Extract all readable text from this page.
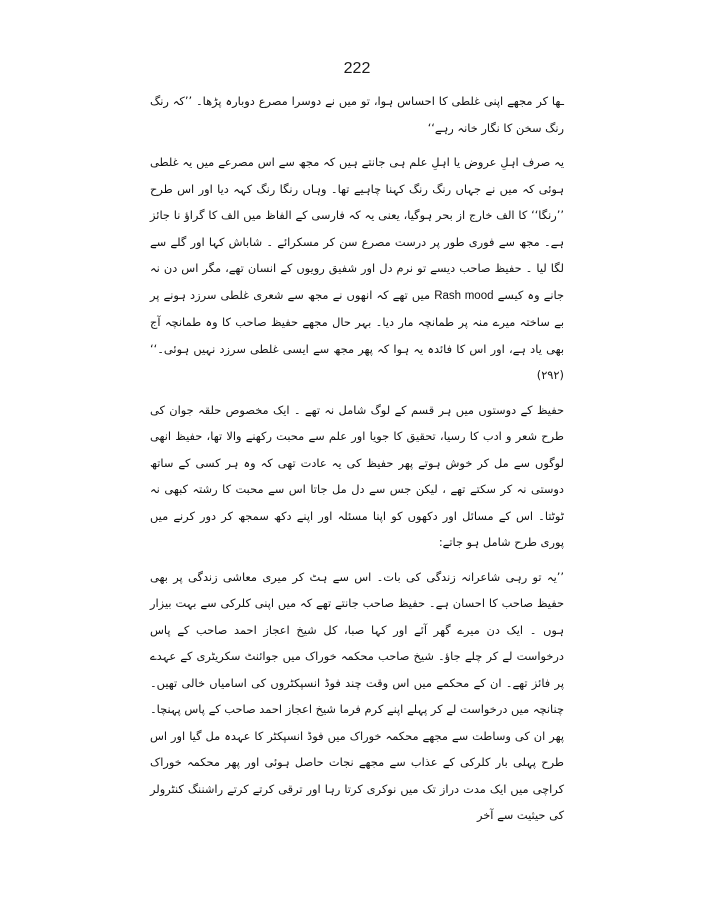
222

ـھا کر مجھے اپنی غلطی کا احساس ہوا، تو میں نے دوسرا مصرع دوبارہ پڑھا۔ ’’کہ رنگ رنگ سخن کا نگار خانہ رہے‘‘

یہ صرف اہلِ عروض یا اہلِ علم ہی جانتے ہیں کہ مجھ سے اس مصرعے میں یہ غلطی ہوئی کہ میں نے جہاں رنگ رنگ کہنا چاہیے تھا۔ وہاں رنگا رنگ کہہ دیا اور اس طرح ’’رنگا‘‘ کا الف خارج از بحر ہوگیا، یعنی یہ کہ فارسی کے الفاظ میں الف کا گراؤ نا جائز ہے۔ مجھ سے فوری طور پر درست مصرع سن کر مسکرائے ۔ شاباش کہا اور گلے سے لگا لیا ۔ حفیظ صاحب دیسے تو نرم دل اور شفیق رویوں کے انسان تھے، مگر اس دن نہ جانے وہ کیسے Rash mood میں تھے کہ انھوں نے مجھ سے شعری غلطی سرزد ہونے پر بے ساختہ میرے منہ پر طمانچہ مار دیا۔ بہر حال مجھے حفیظ صاحب کا وہ طمانچہ آج بھی یاد ہے، اور اس کا فائدہ یہ ہوا کہ پھر مجھ سے ایسی غلطی سرزد نہیں ہوئی۔‘‘ (۲۹۲)

حفیظ کے دوستوں میں ہر قسم کے لوگ شامل نہ تھے ۔ ایک مخصوص حلقہ جوان کی طرح شعر و ادب کا رسیا، تحقیق کا جویا اور علم سے محبت رکھنے والا تھا، حفیظ انھی لوگوں سے مل کر خوش ہوتے پھر حفیظ کی یہ عادت تھی کہ وہ ہر کسی کے ساتھ دوستی نہ کر سکتے تھے ، لیکن جس سے دل مل جاتا اس سے محبت کا رشتہ کبھی نہ ٹوٹتا۔ اس کے مسائل اور دکھوں کو اپنا مسئلہ اور اپنے دکھ سمجھ کر دور کرنے میں پوری طرح شامل ہو جاتے:

’’یہ تو رہی شاعرانہ زندگی کی بات۔ اس سے ہٹ کر میری معاشی زندگی پر بھی حفیظ صاحب کا احسان ہے۔ حفیظ صاحب جانتے تھے کہ میں اپنی کلرکی سے بہت بیزار ہوں ۔ ایک دن میرے گھر آئے اور کہا صبا، کل شیخ اعجاز احمد صاحب کے پاس درخواست لے کر چلے جاؤ۔ شیخ صاحب محکمہ خوراک میں جوائنٹ سکریٹری کے عہدے پر فائز تھے۔ ان کے محکمے میں اس وقت چند فوڈ انسپکٹروں کی اسامیاں خالی تھیں۔ چنانچہ میں درخواست لے کر پہلے اپنے کرم فرما شیخ اعجاز احمد صاحب کے پاس پہنچا۔ پھر ان کی وساطت سے مجھے محکمہ خوراک میں فوڈ انسپکٹر کا عہدہ مل گیا اور اس طرح پہلی بار کلرکی کے عذاب سے مجھے نجات حاصل ہوئی اور پھر محکمہ خوراک کراچی میں ایک مدت دراز تک میں نوکری کرتا رہا اور ترقی کرتے کرتے راشننگ کنٹرولر کی حیثیت سے آخر
